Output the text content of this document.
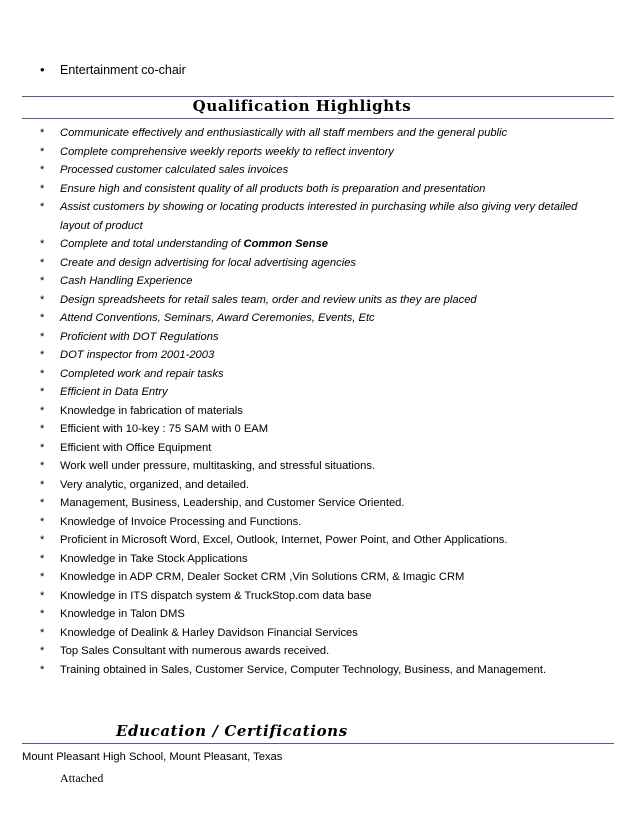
• Entertainment co-chair
Qualification Highlights
* Communicate effectively and enthusiastically with all staff members and the general public
* Complete comprehensive weekly reports weekly to reflect inventory
* Processed customer calculated sales invoices
* Ensure high and consistent quality of all products both is preparation and presentation
* Assist customers by showing or locating products interested in purchasing while also giving very detailed
layout of product
* Complete and total understanding of Common Sense
* Create and design advertising for local advertising agencies
* Cash Handling Experience
* Design spreadsheets for retail sales team, order and review units as they are placed
* Attend Conventions, Seminars, Award Ceremonies, Events, Etc
* Proficient with DOT Regulations
* DOT inspector from 2001-2003
* Completed work and repair tasks
* Efficient in Data Entry
* Knowledge in fabrication of materials
* Efficient with 10-key : 75 SAM with 0 EAM
* Efficient with Office Equipment
* Work well under pressure, multitasking, and stressful situations.
* Very analytic, organized, and detailed.
* Management, Business, Leadership, and Customer Service Oriented.
* Knowledge of Invoice Processing and Functions.
* Proficient in Microsoft Word, Excel, Outlook, Internet, Power Point, and Other Applications.
* Knowledge in Take Stock Applications
* Knowledge in ADP CRM, Dealer Socket CRM ,Vin Solutions CRM, & Imagic CRM
* Knowledge in ITS dispatch system & TruckStop.com data base
* Knowledge in Talon DMS
* Knowledge of Dealink & Harley Davidson Financial Services
* Top Sales Consultant with numerous awards received.
* Training obtained in Sales, Customer Service, Computer Technology, Business, and Management.
Education / Certifications
Mount Pleasant High School, Mount Pleasant, Texas
Attached
